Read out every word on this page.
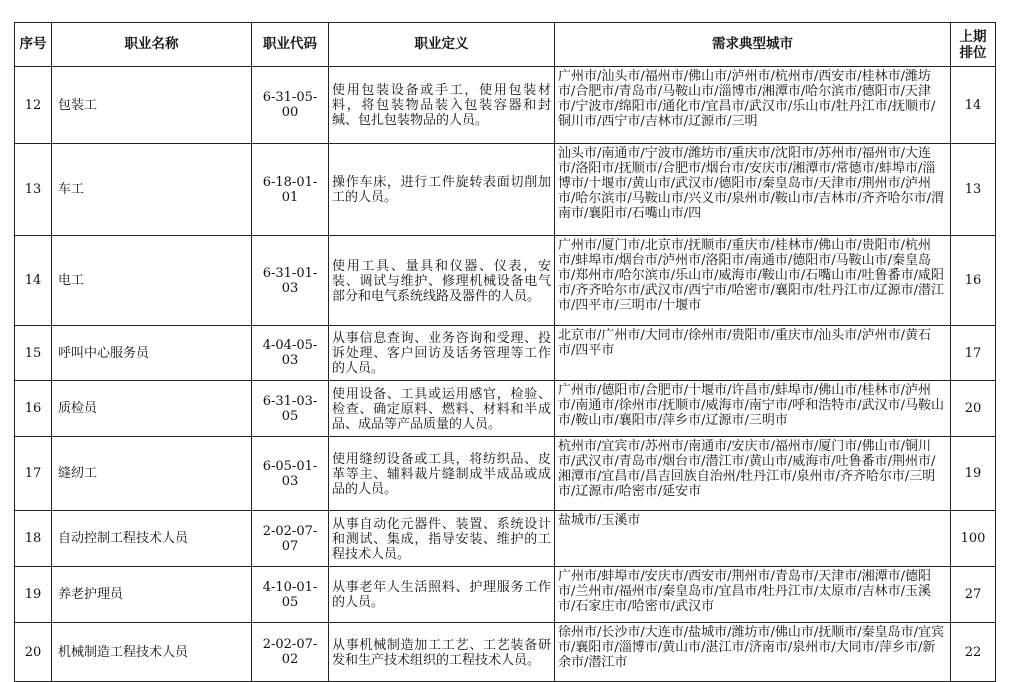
序号	职业名称	职业代码	职业定义	需求典型城市	上期排位

12	包装工	6-31-05-00	使用包装设备或手工，使用包装材料，将包装物品装入包装容器和封缄、包扎包装物品的人员。	广州市/汕头市/福州市/佛山市/泸州市/杭州市/西安市/桂林市/潍坊市/合肥市/青岛市/马鞍山市/淄博市/湘潭市/哈尔滨市/德阳市/天津市/宁波市/绵阳市/通化市/宜昌市/武汉市/乐山市/牡丹江市/抚顺市/铜川市/西宁市/吉林市/辽源市/三明	14

13	车工	6-18-01-01	操作车床，进行工件旋转表面切削加工的人员。	汕头市/南通市/宁波市/潍坊市/重庆市/沈阳市/苏州市/福州市/大连市/洛阳市/抚顺市/合肥市/烟台市/安庆市/湘潭市/常德市/蚌埠市/淄博市/十堰市/黄山市/武汉市/德阳市/秦皇岛市/天津市/荆州市/泸州市/哈尔滨市/马鞍山市/兴义市/泉州市/鞍山市/吉林市/齐齐哈尔市/渭南市/襄阳市/石嘴山市/四	13

14	电工	6-31-01-03	使用工具、量具和仪器、仪表，安装、调试与维护、修理机械设备电气部分和电气系统线路及器件的人员。	广州市/厦门市/北京市/抚顺市/重庆市/桂林市/佛山市/贵阳市/杭州市/蚌埠市/烟台市/泸州市/洛阳市/南通市/德阳市/马鞍山市/秦皇岛市/郑州市/哈尔滨市/乐山市/威海市/鞍山市/石嘴山市/吐鲁番市/咸阳市/齐齐哈尔市/武汉市/西宁市/哈密市/襄阳市/牡丹江市/辽源市/潜江市/四平市/三明市/十堰市	16

15	呼叫中心服务员	4-04-05-03	从事信息查询、业务咨询和受理、投诉处理、客户回访及话务管理等工作的人员。	北京市/广州市/大同市/徐州市/贵阳市/重庆市/汕头市/泸州市/黄石市/四平市	17

16	质检员	6-31-03-05	使用设备、工具或运用感官，检验、检查、确定原料、燃料、材料和半成品、成品等产品质量的人员。	广州市/德阳市/合肥市/十堰市/许昌市/蚌埠市/佛山市/桂林市/泸州市/南通市/徐州市/抚顺市/威海市/南宁市/呼和浩特市/武汉市/马鞍山市/鞍山市/襄阳市/萍乡市/辽源市/三明市	20

17	缝纫工	6-05-01-03	使用缝纫设备或工具，将纺织品、皮革等主、辅料裁片缝制成半成品或成品的人员。	杭州市/宜宾市/苏州市/南通市/安庆市/福州市/厦门市/佛山市/铜川市/武汉市/青岛市/烟台市/潜江市/黄山市/威海市/吐鲁番市/荆州市/湘潭市/宜昌市/昌吉回族自治州/牡丹江市/泉州市/齐齐哈尔市/三明市/辽源市/哈密市/延安市	19

18	自动控制工程技术人员	2-02-07-07	从事自动化元器件、装置、系统设计和测试、集成，指导安装、维护的工程技术人员。	盐城市/玉溪市	100

19	养老护理员	4-10-01-05	从事老年人生活照料、护理服务工作的人员。	广州市/蚌埠市/安庆市/西安市/荆州市/青岛市/天津市/湘潭市/德阳市/兰州市/福州市/秦皇岛市/宜昌市/牡丹江市/太原市/吉林市/玉溪市/石家庄市/哈密市/武汉市	27

20	机械制造工程技术人员	2-02-07-02	从事机械制造加工工艺、工艺装备研发和生产技术组织的工程技术人员。	徐州市/长沙市/大连市/盐城市/潍坊市/佛山市/抚顺市/秦皇岛市/宜宾市/襄阳市/淄博市/黄山市/湛江市/济南市/泉州市/大同市/萍乡市/新余市/潜江市	22
